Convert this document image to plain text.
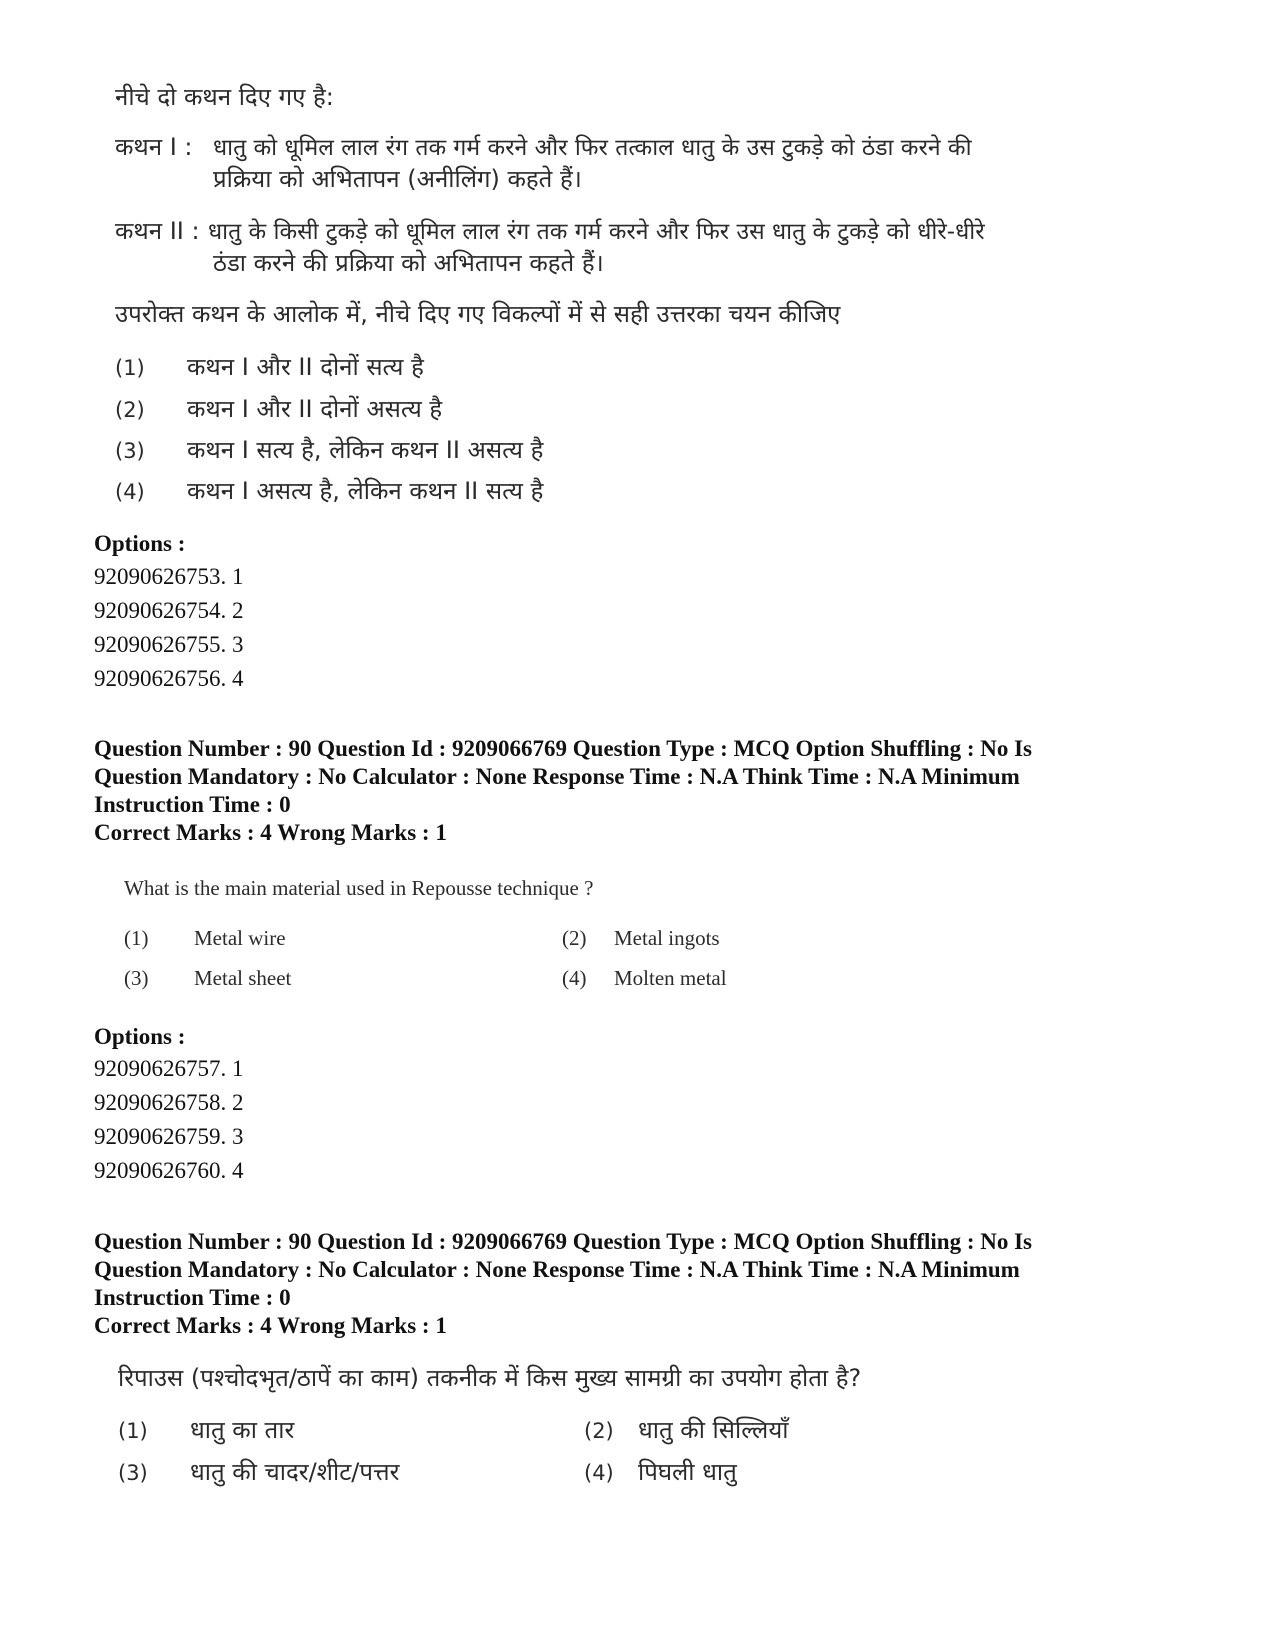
नीचे दो कथन दिए गए है:
कथन I : धातु को धूमिल लाल रंग तक गर्म करने और फिर तत्काल धातु के उस टुकड़े को ठंडा करने की
प्रक्रिया को अभितापन (अनीलिंग) कहते हैं।
कथन II : धातु के किसी टुकड़े को धूमिल लाल रंग तक गर्म करने और फिर उस धातु के टुकड़े को धीरे-धीरे
ठंडा करने की प्रक्रिया को अभितापन कहते हैं।
उपरोक्त कथन के आलोक में, नीचे दिए गए विकल्पों में से सही उत्तरका चयन कीजिए
(1) कथन I और II दोनों सत्य है
(2) कथन I और II दोनों असत्य है
(3) कथन I सत्य है, लेकिन कथन II असत्य है
(4) कथन I असत्य है, लेकिन कथन II सत्य है
Options :
92090626753. 1
92090626754. 2
92090626755. 3
92090626756. 4
Question Number : 90 Question Id : 9209066769 Question Type : MCQ Option Shuffling : No Is
Question Mandatory : No Calculator : None Response Time : N.A Think Time : N.A Minimum
Instruction Time : 0
Correct Marks : 4 Wrong Marks : 1
What is the main material used in Repousse technique ?
(1) Metal wire	(2) Metal ingots
(3) Metal sheet	(4) Molten metal
Options :
92090626757. 1
92090626758. 2
92090626759. 3
92090626760. 4
Question Number : 90 Question Id : 9209066769 Question Type : MCQ Option Shuffling : No Is
Question Mandatory : No Calculator : None Response Time : N.A Think Time : N.A Minimum
Instruction Time : 0
Correct Marks : 4 Wrong Marks : 1
रिपाउस (पश्चोदभृत/ठापें का काम) तकनीक में किस मुख्य सामग्री का उपयोग होता है?
(1) धातु का तार	(2) धातु की सिल्लियाँ
(3) धातु की चादर/शीट/पत्तर	(4) पिघली धातु
